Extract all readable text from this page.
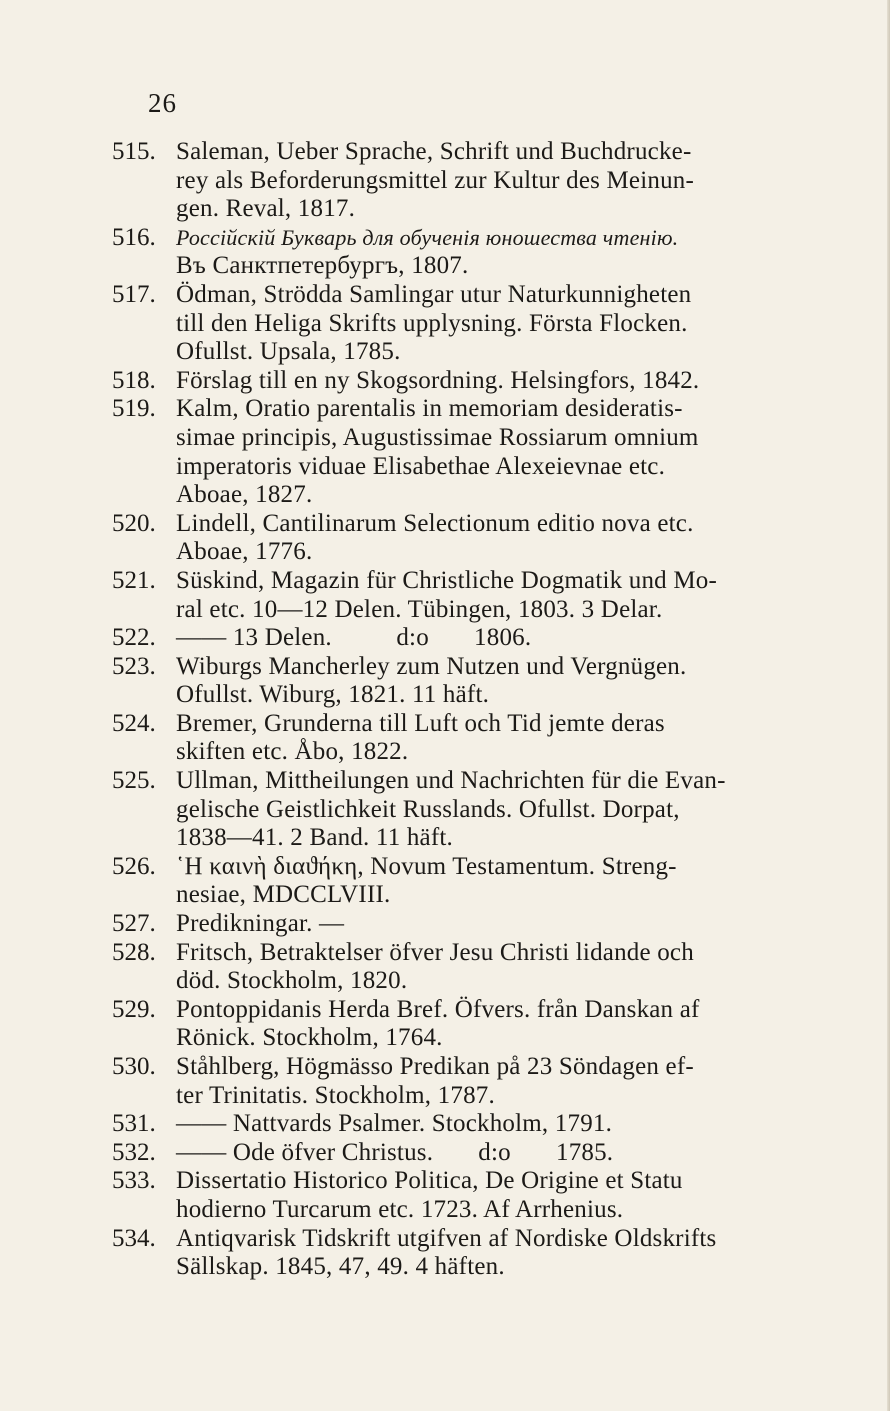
26
515. Saleman, Ueber Sprache, Schrift und Buchdrucke-
rey als Beforderungsmittel zur Kultur des Meinun-
gen. Reval, 1817.
516. Россiйскiй Букварь для обученiя юношества чтенiю.
Въ Санктпетербургъ, 1807.
517. Ödman, Strödda Samlingar utur Naturkunnigheten
till den Heliga Skrifts upplysning. Första Flocken.
Ofullst. Upsala, 1785.
518. Förslag till en ny Skogsordning. Helsingfors, 1842.
519. Kalm, Oratio parentalis in memoriam desideratis-
simae principis, Augustissimae Rossiarum omnium
imperatoris viduae Elisabethae Alexeievnae etc.
Aboae, 1827.
520. Lindell, Cantilinarum Selectionum editio nova etc.
Aboae, 1776.
521. Süskind, Magazin für Christliche Dogmatik und Mo-
ral etc. 10—12 Delen. Tübingen, 1803. 3 Delar.
522. —— 13 Delen.          d:o       1806.
523. Wiburgs Mancherley zum Nutzen und Vergnügen.
Ofullst. Wiburg, 1821. 11 häft.
524. Bremer, Grunderna till Luft och Tid jemte deras
skiften etc. Åbo, 1822.
525. Ullman, Mittheilungen und Nachrichten für die Evan-
gelische Geistlichkeit Russlands. Ofullst. Dorpat,
1838—41. 2 Band. 11 häft.
526. ῾Η καινὴ διαϑήκη, Novum Testamentum. Streng-
nesiae, MDCCLVIII.
527. Predikningar. —
528. Fritsch, Betraktelser öfver Jesu Christi lidande och
död. Stockholm, 1820.
529. Pontoppidanis Herda Bref. Öfvers. från Danskan af
Rönick. Stockholm, 1764.
530. Ståhlberg, Högmässo Predikan på 23 Söndagen ef-
ter Trinitatis. Stockholm, 1787.
531. —— Nattvards Psalmer. Stockholm, 1791.
532. —— Ode öfver Christus.       d:o       1785.
533. Dissertatio Historico Politica, De Origine et Statu
hodierno Turcarum etc. 1723. Af Arrhenius.
534. Antiqvarisk Tidskrift utgifven af Nordiske Oldskrifts
Sällskap. 1845, 47, 49. 4 häften.
